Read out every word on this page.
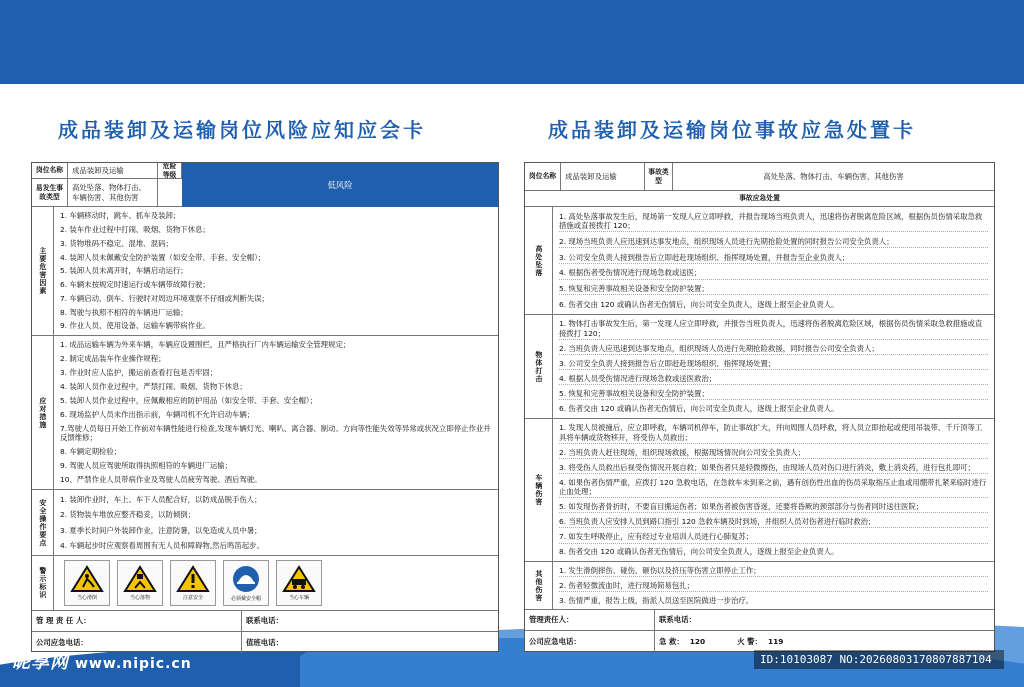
成品装卸及运输岗位风险应知应会卡	成品装卸及运输岗位事故应急处置卡
岗位名称	成品装卸及运输	危险等级
低风险
易发生事故类型
高处坠落、物体打击、车辆伤害、其他伤害
主要危害因素
1. 车辆移动时，跳车、抓车及装卸；
2. 装车作业过程中打闹、吸烟、货物下休息；
3. 货物堆码不稳定、混堆、混码；
4. 装卸人员未佩戴安全防护装置（如安全带、手套、安全帽）；
5. 装卸人员未离开时，车辆启动运行；
6. 车辆未按规定时速运行或车辆带故障行驶；
7. 车辆启动、倒车、行驶时对周边环境观察不仔细或判断失误；
8. 驾驶与执照不相符的车辆进厂运输；
9. 作业人员、使用设备、运输车辆带病作业。
应对措施
1. 成品运输车辆为外来车辆，车辆应设置围栏，且严格执行厂内车辆运输安全管理规定；
2. 制定成品装车作业操作规程；
3. 作业时应人监护，搬运前查看打包是否牢固；
4. 装卸人员作业过程中，严禁打闹、吸烟、货物下休息；
5. 装卸人员作业过程中，应佩戴相应的防护用品（如安全带、手套、安全帽）；
6. 现场监护人员未作出指示前，车辆司机不允许启动车辆；
7.驾驶人员每日开始工作前对车辆性能进行检查,发现车辆灯光、喇叭、离合器、制动、方向等性能失效等异常或状况立即停止作业并反馈维修；
8. 车辆定期检验；
9. 驾驶人员应驾驶所取得执照相符的车辆进厂运输；
10、严禁作业人员带病作业及驾驶人员疲劳驾驶、酒后驾驶。
安全操作要点	1. 装卸作业时，车上、车下人员配合好，以防成品脱手伤人；
2. 货物装车堆放应整齐稳妥，以防倾倒；
3. 夏季长时间户外装卸作业，注意防暑，以免造成人员中暑；
4. 车辆起步时应观察看周围有无人员和障碍物,然后鸣笛起步。
警示标识	当心滑倒	当心落物	注意安全	必须戴安全帽	当心车辆
管 理 责 任 人：	联系电话：
公司应急电话：	值班电话：
岗位名称	成品装卸及运输	事故类型	高处坠落、物体打击、车辆伤害、其他伤害
事故应急处置
高处坠落
1. 高处坠落事故发生后，现场第一发现人应立即呼救，并报告现场当班负责人，迅速将伤者脱离危险区域，根据伤员伤情采取急救措施或直接拨打 120；
2. 现场当班负责人应迅速到达事发地点，组织现场人员进行先期抢险处置的同时报告公司安全负责人；
3. 公司安全负责人接到报告后立即赶赴现场组织、指挥现场处置，并报告至企业负责人；
4. 根据伤者受伤情况进行现场急救或送医；
5. 恢复和完善事故相关设备和安全防护装置；
6. 伤者交由 120 或确认伤者无伤情后，向公司安全负责人，逐级上报至企业负责人。
物体打击
1. 物体打击事故发生后，第一发现人应立即呼救，并报告当班负责人，迅速将伤者脱离危险区域，根据伤员伤情采取急救措施或直接拨打 120；
2. 当班负责人应迅速到达事发地点，组织现场人员进行先期抢险救援，同时报告公司安全负责人；
3. 公司安全负责人接到报告后立即赶赴现场组织、指挥现场处置；
4. 根据人员受伤情况进行现场急救或送医救治；
5. 恢复和完善事故相关设备和安全防护装置；
6. 伤者交由 120 或确认伤者无伤情后，向公司安全负责人，逐级上报至企业负责人。
车辆伤害
1. 发现人员被撞后，应立即呼救，车辆司机停车，防止事故扩大，并向周围人员呼救，将人员立即抬起或使用吊装带、千斤顶等工具将车辆或货物移开，将受伤人员救出；
2. 当班负责人赶往现场，组织现场救援，根据现场情况向公司安全负责人；
3. 将受伤人员救出后视受伤情况开展自救；如果伤者只是轻微擦伤，由现场人员对伤口进行消炎，敷上消炎药，进行包扎即可；
4. 如果伤者伤情严重，应拨打 120 急救电话，在急救车未到来之前，遇有创伤性出血的伤员采取指压止血或用绷带扎紧来临时进行止血处理；
5. 如发现伤者骨折时，不要盲目搬运伤者；如果伤者被伤害昏迷，还要将昏厥的颈部部分与伤者同时送往医院；
6. 当班负责人应安排人员到路口指引 120 急救车辆及时到场，并组织人员对伤者进行临时救治；
7. 如发生呼吸停止，应有经过专业培训人员进行心肺复苏；
8. 伤者交由 120 或确认伤者无伤情后，向公司安全负责人，逐级上报至企业负责人。
其他伤害	1. 发生滑倒摔伤、碰伤、砸伤以及挤压等伤害立即停止工作；
2. 伤者轻微流血时，进行现场简易包扎；
3. 伤情严重，报告上级，指派人员送至医院做进一步治疗。
管理责任人：	联系电话：
公司应急电话：	急 救： 120	火 警： 119
昵享网 www.nipic.cn	ID:10103087 NO:20260803170807887104
